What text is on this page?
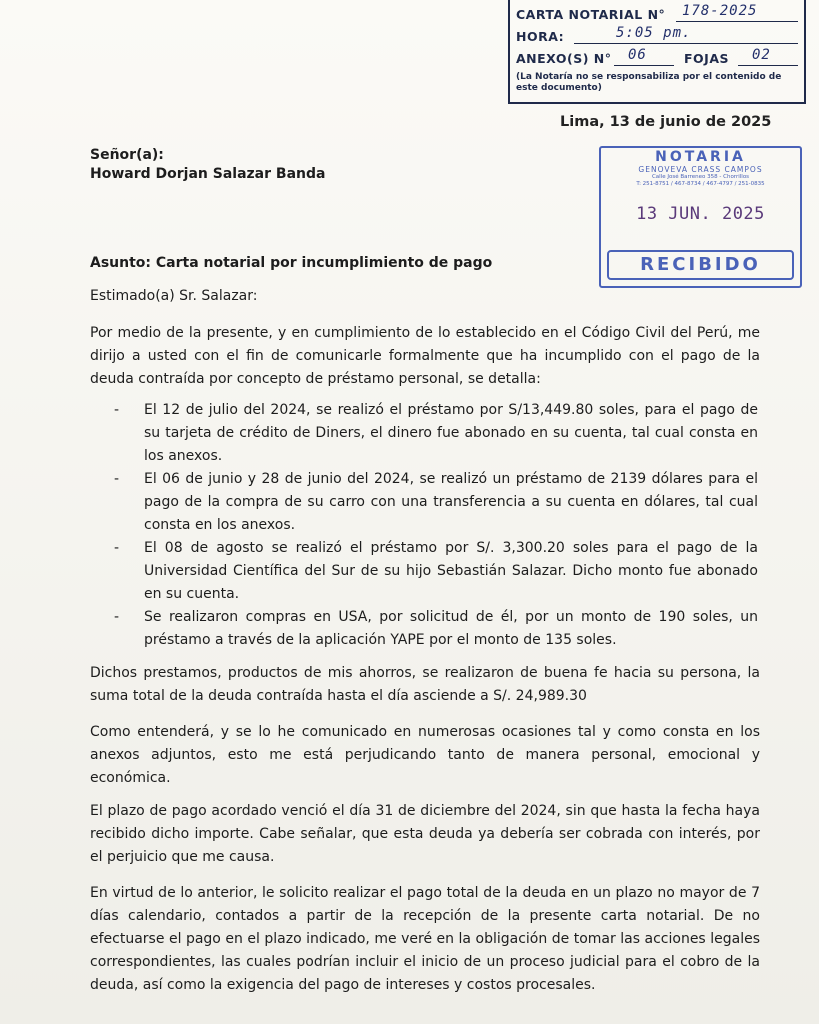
CARTA NOTARIAL N° 178-2025
HORA:	5:05 pm.
ANEXO(S) N° 06	FOJAS 02
(La Notaría no se responsabiliza por el contenido de este documento)
Lima, 13 de junio de 2025
Señor(a):
Howard Dorjan Salazar Banda
NOTARIA
GENOVEVA CRASS CAMPOS
Calle José Barreneo 358 - Chorrillos
T: 251-8751 / 467-8734 / 467-4797 / 251-0835
13 JUN. 2025
RECIBIDO
Asunto: Carta notarial por incumplimiento de pago
Estimado(a) Sr. Salazar:
Por medio de la presente, y en cumplimiento de lo establecido en el Código Civil del Perú, me dirijo a usted con el fin de comunicarle formalmente que ha incumplido con el pago de la deuda contraída por concepto de préstamo personal, se detalla:
- El 12 de julio del 2024, se realizó el préstamo por S/13,449.80 soles, para el pago de su tarjeta de crédito de Diners, el dinero fue abonado en su cuenta, tal cual consta en los anexos.
- El 06 de junio y 28 de junio del 2024, se realizó un préstamo de 2139 dólares para el pago de la compra de su carro con una transferencia a su cuenta en dólares, tal cual consta en los anexos.
- El 08 de agosto se realizó el préstamo por S/. 3,300.20 soles para el pago de la Universidad Científica del Sur de su hijo Sebastián Salazar. Dicho monto fue abonado en su cuenta.
- Se realizaron compras en USA, por solicitud de él, por un monto de 190 soles, un préstamo a través de la aplicación YAPE por el monto de 135 soles.
Dichos prestamos, productos de mis ahorros, se realizaron de buena fe hacia su persona, la suma total de la deuda contraída hasta el día asciende a S/. 24,989.30
Como entenderá, y se lo he comunicado en numerosas ocasiones tal y como consta en los anexos adjuntos, esto me está perjudicando tanto de manera personal, emocional y económica.
El plazo de pago acordado venció el día 31 de diciembre del 2024, sin que hasta la fecha haya recibido dicho importe. Cabe señalar, que esta deuda ya debería ser cobrada con interés, por el perjuicio que me causa.
En virtud de lo anterior, le solicito realizar el pago total de la deuda en un plazo no mayor de 7 días calendario, contados a partir de la recepción de la presente carta notarial. De no efectuarse el pago en el plazo indicado, me veré en la obligación de tomar las acciones legales correspondientes, las cuales podrían incluir el inicio de un proceso judicial para el cobro de la deuda, así como la exigencia del pago de intereses y costos procesales.
